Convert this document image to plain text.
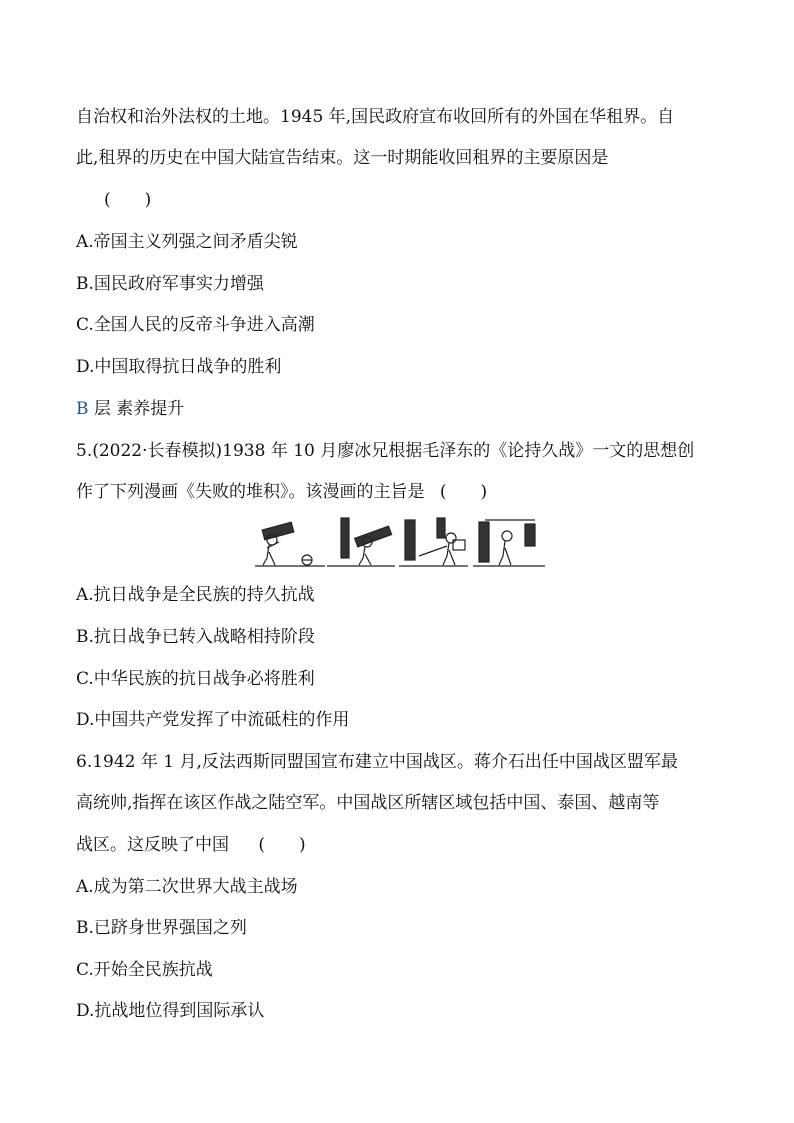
自治权和治外法权的土地。1945 年,国民政府宣布收回所有的外国在华租界。自
此,租界的历史在中国大陆宣告结束。这一时期能收回租界的主要原因是
(　　)
A.帝国主义列强之间矛盾尖锐
B.国民政府军事实力增强
C.全国人民的反帝斗争进入高潮
D.中国取得抗日战争的胜利
B 层 素养提升
5.(2022·长春模拟)1938 年 10 月廖冰兄根据毛泽东的《论持久战》一文的思想创
作了下列漫画《失败的堆积》。该漫画的主旨是 (　　)
A.抗日战争是全民族的持久抗战
B.抗日战争已转入战略相持阶段
C.中华民族的抗日战争必将胜利
D.中国共产党发挥了中流砥柱的作用
6.1942 年 1 月,反法西斯同盟国宣布建立中国战区。蒋介石出任中国战区盟军最
高统帅,指挥在该区作战之陆空军。中国战区所辖区域包括中国、泰国、越南等
战区。这反映了中国 (　　)
A.成为第二次世界大战主战场
B.已跻身世界强国之列
C.开始全民族抗战
D.抗战地位得到国际承认
